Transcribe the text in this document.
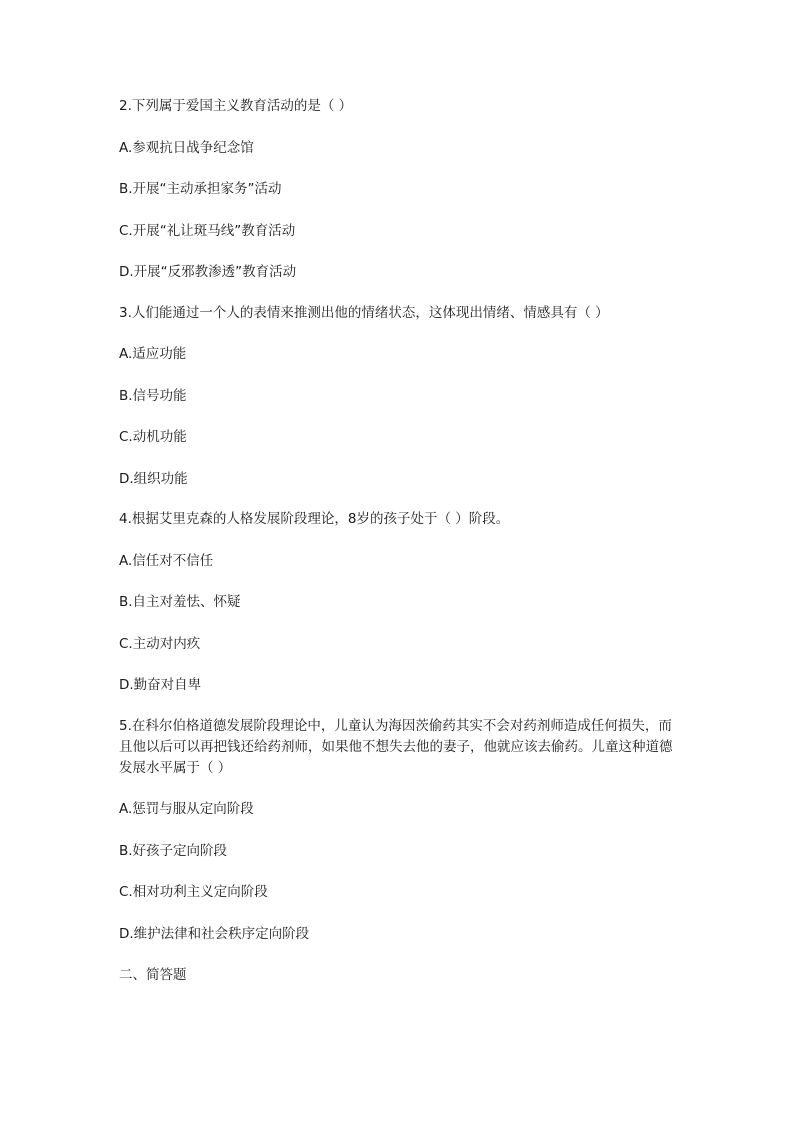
2.下列属于爱国主义教育活动的是（ ）

A.参观抗日战争纪念馆

B.开展“主动承担家务”活动

C.开展“礼让斑马线”教育活动

D.开展“反邪教渗透”教育活动

3.人们能通过一个人的表情来推测出他的情绪状态，这体现出情绪、情感具有（ ）

A.适应功能

B.信号功能

C.动机功能

D.组织功能

4.根据艾里克森的人格发展阶段理论，8岁的孩子处于（ ）阶段。

A.信任对不信任

B.自主对羞怯、怀疑

C.主动对内疚

D.勤奋对自卑

5.在科尔伯格道德发展阶段理论中，儿童认为海因茨偷药其实不会对药剂师造成任何损失，而且他以后可以再把钱还给药剂师，如果他不想失去他的妻子，他就应该去偷药。儿童这种道德发展水平属于（ ）

A.惩罚与服从定向阶段

B.好孩子定向阶段

C.相对功利主义定向阶段

D.维护法律和社会秩序定向阶段

二、简答题
